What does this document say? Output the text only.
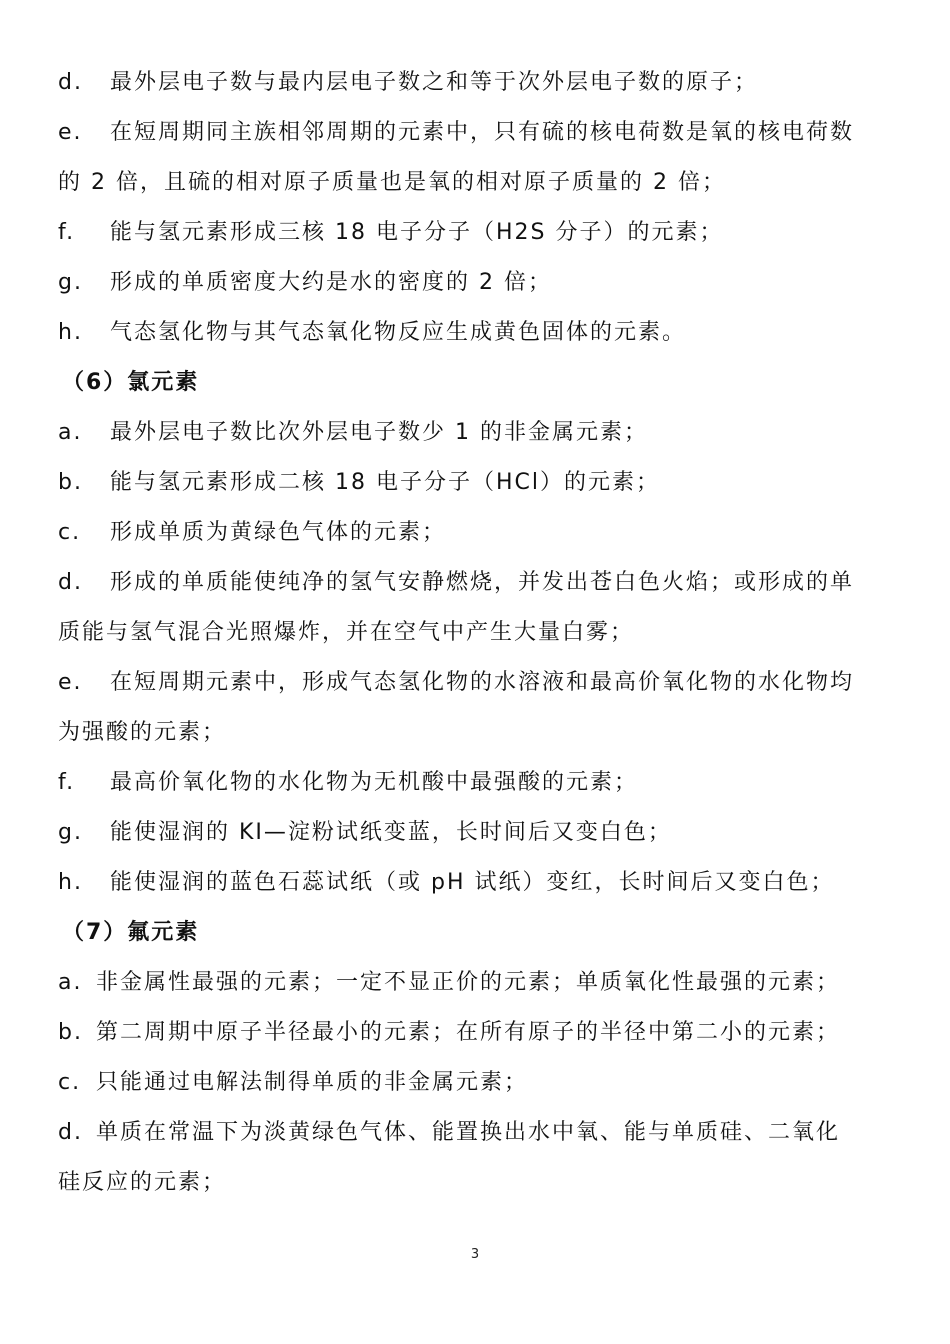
d. 最外层电子数与最内层电子数之和等于次外层电子数的原子；
e. 在短周期同主族相邻周期的元素中，只有硫的核电荷数是氧的核电荷数
的 2 倍，且硫的相对原子质量也是氧的相对原子质量的 2 倍；
f. 能与氢元素形成三核 18 电子分子（H2S 分子）的元素；
g. 形成的单质密度大约是水的密度的 2 倍；
h. 气态氢化物与其气态氧化物反应生成黄色固体的元素。
（6）氯元素
a. 最外层电子数比次外层电子数少 1 的非金属元素；
b. 能与氢元素形成二核 18 电子分子（HCl）的元素；
c. 形成单质为黄绿色气体的元素；
d. 形成的单质能使纯净的氢气安静燃烧，并发出苍白色火焰；或形成的单
质能与氢气混合光照爆炸，并在空气中产生大量白雾；
e. 在短周期元素中，形成气态氢化物的水溶液和最高价氧化物的水化物均
为强酸的元素；
f. 最高价氧化物的水化物为无机酸中最强酸的元素；
g. 能使湿润的 KI—淀粉试纸变蓝，长时间后又变白色；
h. 能使湿润的蓝色石蕊试纸（或 pH 试纸）变红，长时间后又变白色；
（7）氟元素
a. 非金属性最强的元素；一定不显正价的元素；单质氧化性最强的元素；
b. 第二周期中原子半径最小的元素；在所有原子的半径中第二小的元素；
c. 只能通过电解法制得单质的非金属元素；
d. 单质在常温下为淡黄绿色气体、能置换出水中氧、能与单质硅、二氧化
硅反应的元素；
3
